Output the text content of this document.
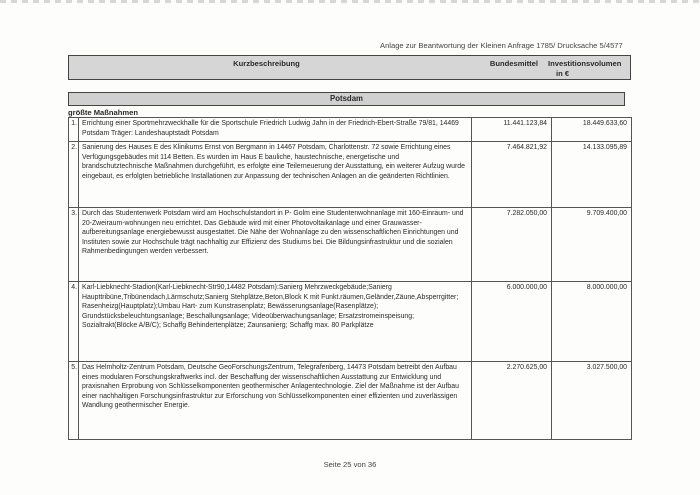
Anlage zur Beantwortung der Kleinen Anfrage 1785/ Drucksache 5/4577
Kurzbeschreibung	Bundesmittel	Investitionsvolumen
in €
Potsdam
größte Maßnahmen
1.	Errichtung einer Sportmehrzweckhalle für die Sportschule Friedrich Ludwig Jahn in der Friedrich-Ebert-Straße 79/81, 14469 Potsdam Träger: Landeshauptstadt Potsdam	11.441.123,84	18.449.633,60
2.	Sanierung des Hauses E des Klinikums Ernst von Bergmann in 14467 Potsdam, Charlottenstr. 72 sowie Errichtung eines Verfügungsgebäudes mit 114 Betten. Es wurden im Haus E bauliche, haustechnische, energetische und brandschutztechnische Maßnahmen durchgeführt, es erfolgte eine Teilerneuerung der Ausstattung, ein weiterer Aufzug wurde eingebaut, es erfolgten betriebliche Installationen zur Anpassung der technischen Anlagen an die geänderten Richtlinien.	7.464.821,92	14.133.095,89
3.	Durch das Studentenwerk Potsdam wird am Hochschulstandort in P- Golm eine Studentenwohnanlage mit 160-Einraum- und 20-Zweiraum-wohnungen neu errichtet. Das Gebäude wird mit einer Photovoltaikanlage und einer Grauwasser- aufbereitungsanlage energiebewusst ausgestattet. Die Nähe der Wohnanlage zu den wissenschaftlichen Einrichtungen und Instituten sowie zur Hochschule trägt nachhaltig zur Effizienz des Studiums bei. Die Bildungsinfrastruktur und die sozialen Rahmenbedingungen werden verbessert.	7.282.050,00	9.709.400,00
4.	Karl-Liebknecht-Stadion(Karl-Liebknecht-Str90,14482 Potsdam):Sanierg Mehrzweckgebäude;Sanierg Haupttribüne,Tribünendach,Lärmschutz;Sanierg Stehplätze,Beton,Block K mit Funkt.räumen,Geländer,Zäune,Absperrgitter; Rasenheizg(Hauptplatz);Umbau Hart- zum Kunstrasenplatz; Bewässerungsanlage(Rasenplätze); Grundstücksbeleuchtungsanlage; Beschallungsanlage; Videoüberwachungsanlage; Ersatzstromeinspeisung; Sozialtrakt(Blöcke A/B/C); Schaffg Behindertenplätze; Zaunsanierg; Schaffg max. 80 Parkplätze	6.000.000,00	8.000.000,00
5.	Das Helmholtz-Zentrum Potsdam, Deutsche GeoForschungsZentrum, Telegrafenberg, 14473 Potsdam betreibt den Aufbau eines modularen Forschungskraftwerks incl. der Beschaffung der wissenschaftlichen Ausstattung zur Entwicklung und praxisnahen Erprobung von Schlüsselkomponenten geothermischer Anlagentechnologie. Ziel der Maßnahme ist der Aufbau einer nachhaltigen Forschungsinfrastruktur zur Erforschung von Schlüsselkomponenten einer effizienten und zuverlässigen Wandlung geothermischer Energie.	2.270.625,00	3.027.500,00
Seite 25 von 36
